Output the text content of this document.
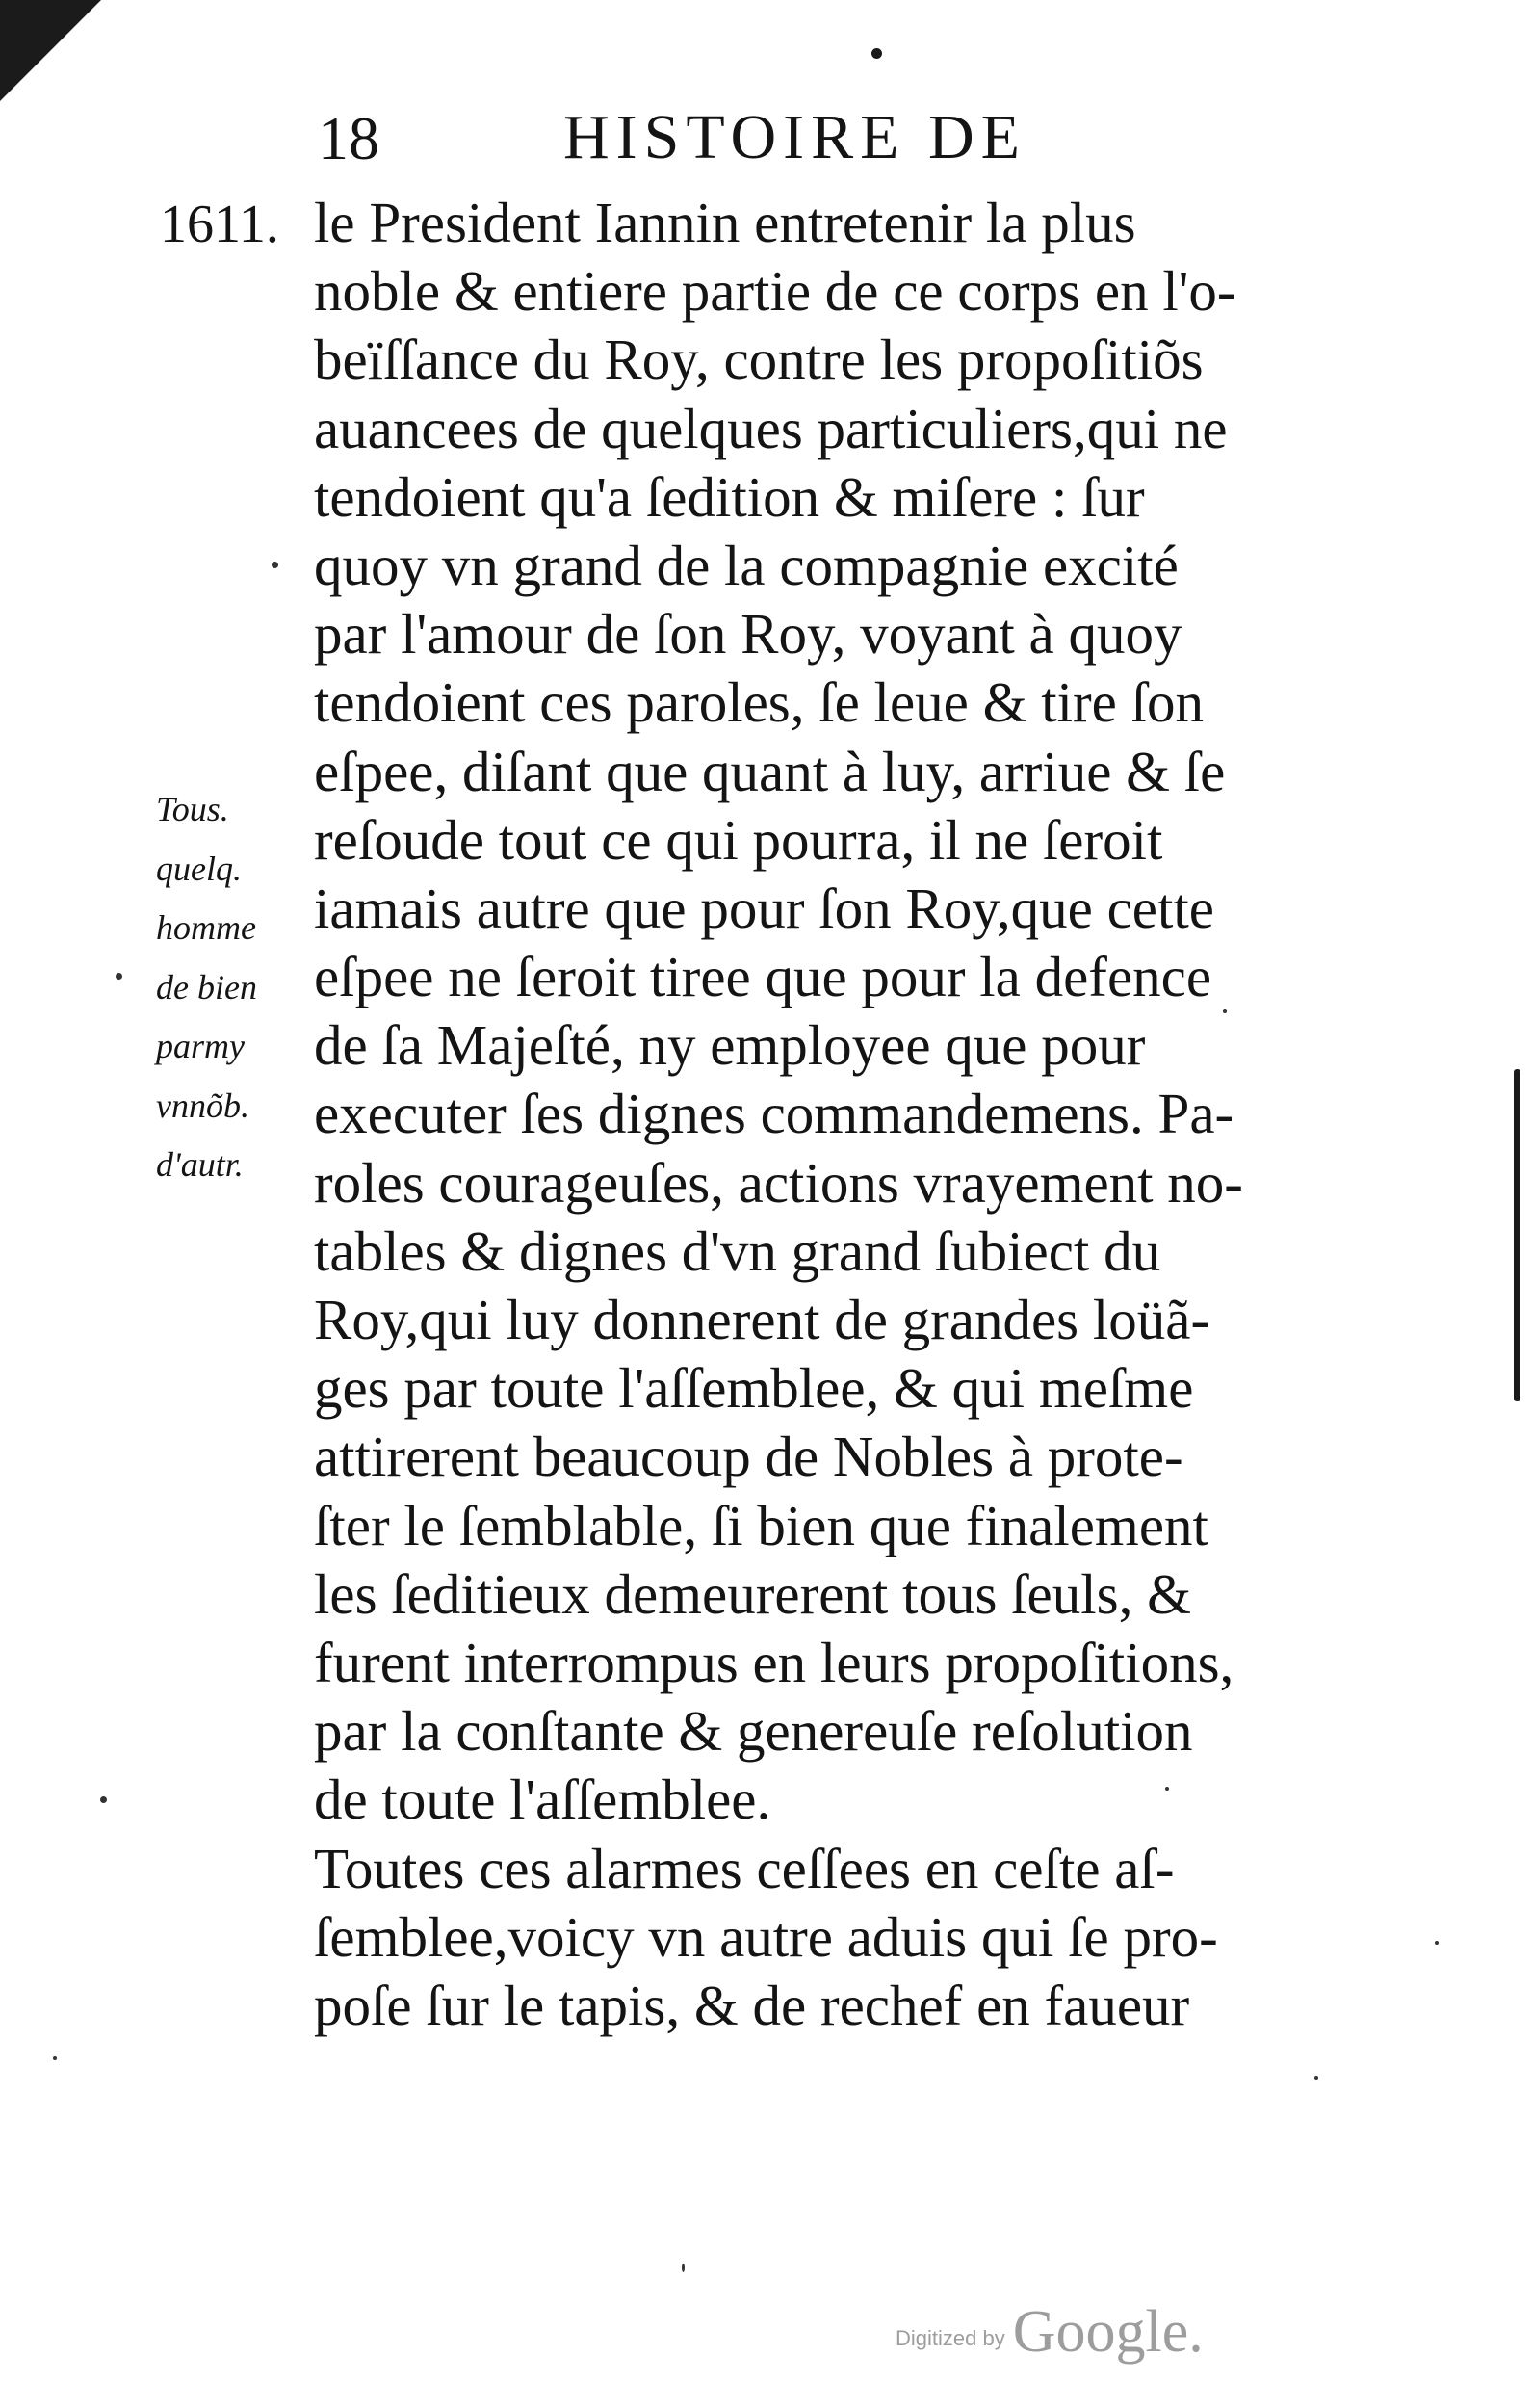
18	HISTOIRE DE
1611.
Tous.
quelq.
homme
de bien
parmy
vnnõb.
d'autr.
le President Iannin entretenir la plus
noble & entiere partie de ce corps en l'o-
beïſſance du Roy, contre les propoſitiõs
auancees de quelques particuliers,qui ne
tendoient qu'a ſedition & miſere : ſur
quoy vn grand de la compagnie excité
par l'amour de ſon Roy, voyant à quoy
tendoient ces paroles, ſe leue & tire ſon
eſpee, diſant que quant à luy, arriue & ſe
reſoude tout ce qui pourra, il ne ſeroit
iamais autre que pour ſon Roy,que cette
eſpee ne ſeroit tiree que pour la defence
de ſa Majeſté, ny employee que pour
executer ſes dignes commandemens. Pa-
roles courageuſes, actions vrayement no-
tables & dignes d'vn grand ſubiect du
Roy,qui luy donnerent de grandes loüã-
ges par toute l'aſſemblee, & qui meſme
attirerent beaucoup de Nobles à prote-
ſter le ſemblable, ſi bien que finalement
les ſeditieux demeurerent tous ſeuls, &
furent interrompus en leurs propoſitions,
par la conſtante & genereuſe reſolution
de toute l'aſſemblee.
Toutes ces alarmes ceſſees en ceſte aſ-
ſemblee,voicy vn autre aduis qui ſe pro-
poſe ſur le tapis, & de rechef en faueur
Digitized by Google.
